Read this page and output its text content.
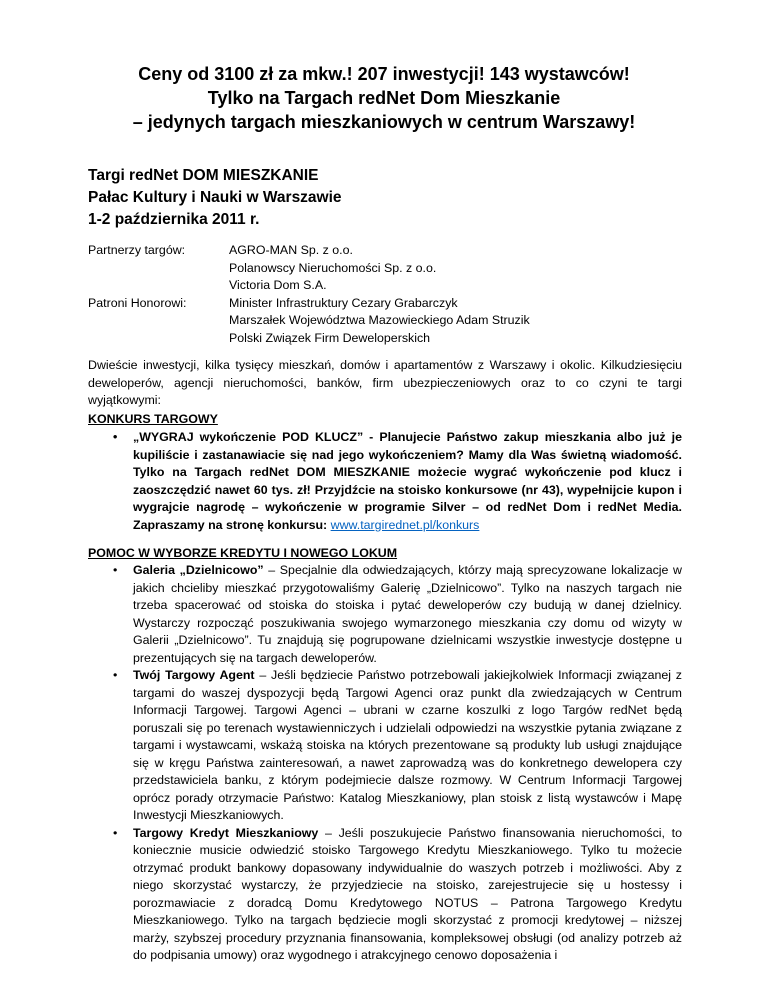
Ceny od 3100 zł za mkw.! 207 inwestycji! 143 wystawców!
Tylko na Targach redNet Dom Mieszkanie
– jedynych targach mieszkaniowych w centrum Warszawy!
Targi redNet DOM MIESZKANIE
Pałac Kultury i Nauki w Warszawie
1-2 października 2011 r.
Partnerzy targów:	AGRO-MAN Sp. z o.o.
Polanowscy Nieruchomości Sp. z o.o.
Victoria Dom S.A.
Patroni Honorowi:	Minister Infrastruktury Cezary Grabarczyk
Marszałek Województwa Mazowieckiego Adam Struzik
Polski Związek Firm Deweloperskich
Dwieście inwestycji, kilka tysięcy mieszkań, domów i apartamentów z Warszawy i okolic. Kilkudziesięciu deweloperów, agencji nieruchomości, banków, firm ubezpieczeniowych oraz to co czyni te targi wyjątkowymi:
KONKURS TARGOWY
• „WYGRAJ wykończenie POD KLUCZ” - Planujecie Państwo zakup mieszkania albo już je kupiliście i zastanawiacie się nad jego wykończeniem? Mamy dla Was świetną wiadomość. Tylko na Targach redNet DOM MIESZKANIE możecie wygrać wykończenie pod klucz i zaoszczędzić nawet 60 tys. zł! Przyjdźcie na stoisko konkursowe (nr 43), wypełnijcie kupon i wygrajcie nagrodę – wykończenie w programie Silver – od redNet Dom i redNet Media. Zapraszamy na stronę konkursu: www.targirednet.pl/konkurs
POMOC W WYBORZE KREDYTU I NOWEGO LOKUM
• Galeria „Dzielnicowo” – Specjalnie dla odwiedzających, którzy mają sprecyzowane lokalizacje w jakich chcieliby mieszkać przygotowaliśmy Galerię „Dzielnicowo”. Tylko na naszych targach nie trzeba spacerować od stoiska do stoiska i pytać deweloperów czy budują w danej dzielnicy. Wystarczy rozpocząć poszukiwania swojego wymarzonego mieszkania czy domu od wizyty w Galerii „Dzielnicowo”. Tu znajdują się pogrupowane dzielnicami wszystkie inwestycje dostępne u prezentujących się na targach deweloperów.
• Twój Targowy Agent – Jeśli będziecie Państwo potrzebowali jakiejkolwiek Informacji związanej z targami do waszej dyspozycji będą Targowi Agenci oraz punkt dla zwiedzających w Centrum Informacji Targowej. Targowi Agenci – ubrani w czarne koszulki z logo Targów redNet będą poruszali się po terenach wystawienniczych i udzielali odpowiedzi na wszystkie pytania związane z targami i wystawcami, wskażą stoiska na których prezentowane są produkty lub usługi znajdujące się w kręgu Państwa zainteresowań, a nawet zaprowadzą was do konkretnego dewelopera czy przedstawiciela banku, z którym podejmiecie dalsze rozmowy. W Centrum Informacji Targowej oprócz porady otrzymacie Państwo: Katalog Mieszkaniowy, plan stoisk z listą wystawców i Mapę Inwestycji Mieszkaniowych.
• Targowy Kredyt Mieszkaniowy – Jeśli poszukujecie Państwo finansowania nieruchomości, to koniecznie musicie odwiedzić stoisko Targowego Kredytu Mieszkaniowego. Tylko tu możecie otrzymać produkt bankowy dopasowany indywidualnie do waszych potrzeb i możliwości. Aby z niego skorzystać wystarczy, że przyjedziecie na stoisko, zarejestrujecie się u hostessy i porozmawiacie z doradcą Domu Kredytowego NOTUS – Patrona Targowego Kredytu Mieszkaniowego. Tylko na targach będziecie mogli skorzystać z promocji kredytowej – niższej marży, szybszej procedury przyznania finansowania, kompleksowej obsługi (od analizy potrzeb aż do podpisania umowy) oraz wygodnego i atrakcyjnego cenowo doposażenia i
